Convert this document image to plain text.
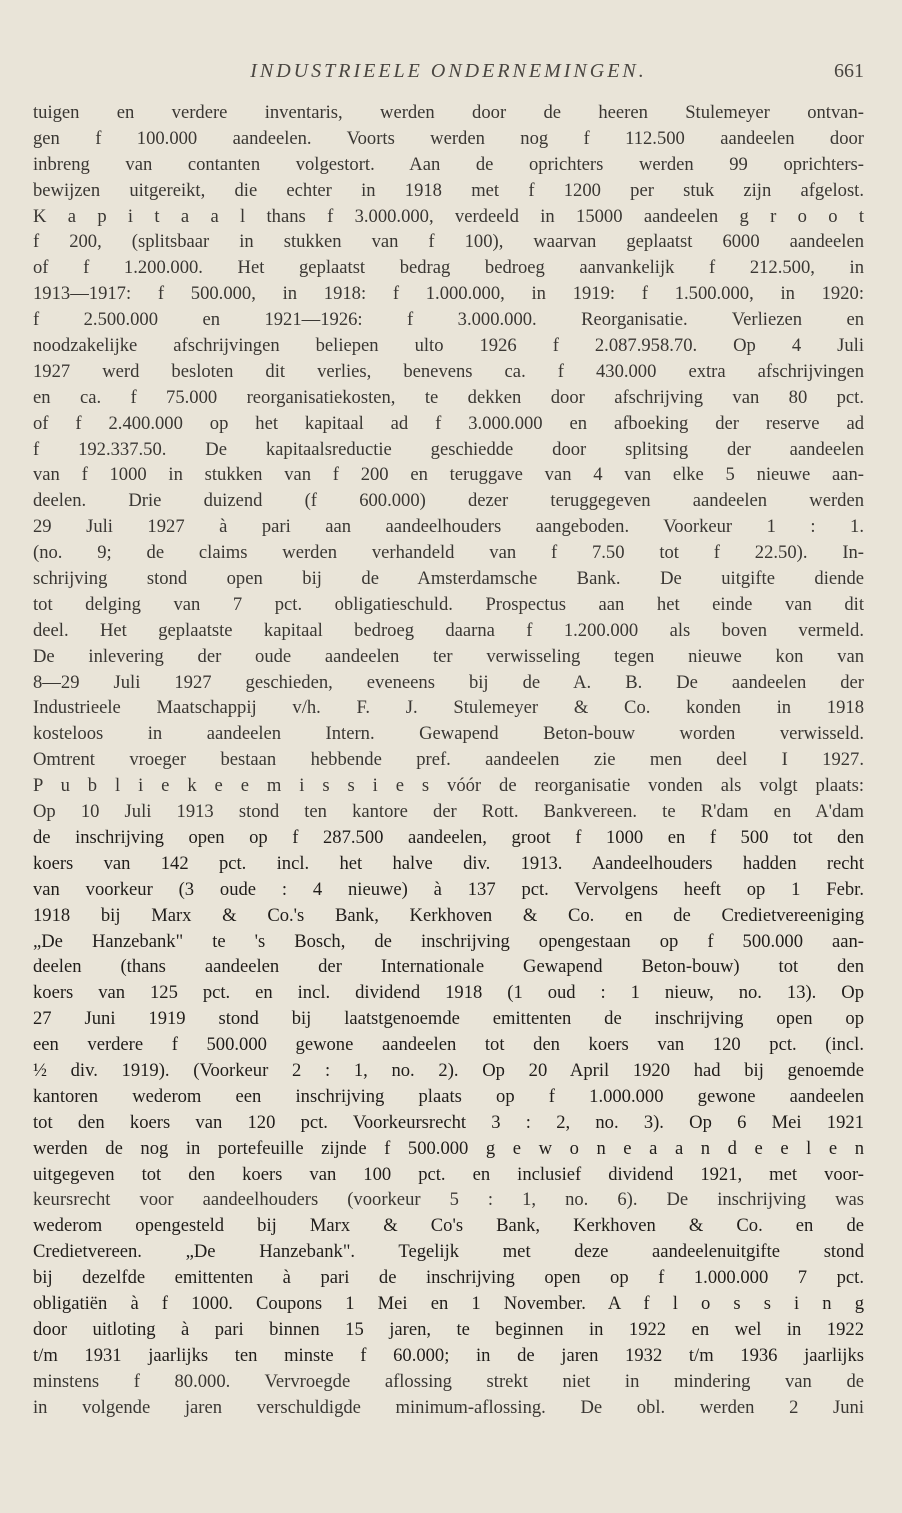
INDUSTRIEELE ONDERNEMINGEN.	661
tuigen en verdere inventaris, werden door de heeren Stulemeyer ontvan-
gen f 100.000 aandeelen. Voorts werden nog f 112.500 aandeelen door
inbreng van contanten volgestort. Aan de oprichters werden 99 oprichters-
bewijzen uitgereikt, die echter in 1918 met f 1200 per stuk zijn afgelost.
K a p i t a a l thans f 3.000.000, verdeeld in 15000 aandeelen g r o o t
f 200, (splitsbaar in stukken van f 100), waarvan geplaatst 6000 aandeelen
of f 1.200.000. Het geplaatst bedrag bedroeg aanvankelijk f 212.500, in
1913—1917: f 500.000, in 1918: f 1.000.000, in 1919: f 1.500.000, in 1920:
f 2.500.000 en 1921—1926: f 3.000.000. Reorganisatie. Verliezen en
noodzakelijke afschrijvingen beliepen ulto 1926 f 2.087.958.70. Op 4 Juli
1927 werd besloten dit verlies, benevens ca. f 430.000 extra afschrijvingen
en ca. f 75.000 reorganisatiekosten, te dekken door afschrijving van 80 pct.
of f 2.400.000 op het kapitaal ad f 3.000.000 en afboeking der reserve ad
f 192.337.50. De kapitaalsreductie geschiedde door splitsing der aandeelen
van f 1000 in stukken van f 200 en teruggave van 4 van elke 5 nieuwe aan-
deelen. Drie duizend (f 600.000) dezer teruggegeven aandeelen werden
29 Juli 1927 à pari aan aandeelhouders aangeboden. Voorkeur 1 : 1.
(no. 9; de claims werden verhandeld van f 7.50 tot f 22.50). In-
schrijving stond open bij de Amsterdamsche Bank. De uitgifte diende
tot delging van 7 pct. obligatieschuld. Prospectus aan het einde van dit
deel. Het geplaatste kapitaal bedroeg daarna f 1.200.000 als boven vermeld.
De inlevering der oude aandeelen ter verwisseling tegen nieuwe kon van
8—29 Juli 1927 geschieden, eveneens bij de A. B. De aandeelen der
Industrieele Maatschappij v/h. F. J. Stulemeyer & Co. konden in 1918
kosteloos in aandeelen Intern. Gewapend Beton-bouw worden verwisseld.
Omtrent vroeger bestaan hebbende pref. aandeelen zie men deel I 1927.
P u b l i e k e e m i s s i e s vóór de reorganisatie vonden als volgt plaats:
Op 10 Juli 1913 stond ten kantore der Rott. Bankvereen. te R'dam en A'dam
de inschrijving open op f 287.500 aandeelen, groot f 1000 en f 500 tot den
koers van 142 pct. incl. het halve div. 1913. Aandeelhouders hadden recht
van voorkeur (3 oude : 4 nieuwe) à 137 pct. Vervolgens heeft op 1 Febr.
1918 bij Marx & Co.'s Bank, Kerkhoven & Co. en de Credietvereeniging
„De Hanzebank" te 's Bosch, de inschrijving opengestaan op f 500.000 aan-
deelen (thans aandeelen der Internationale Gewapend Beton-bouw) tot den
koers van 125 pct. en incl. dividend 1918 (1 oud : 1 nieuw, no. 13). Op
27 Juni 1919 stond bij laatstgenoemde emittenten de inschrijving open op
een verdere f 500.000 gewone aandeelen tot den koers van 120 pct. (incl.
½ div. 1919). (Voorkeur 2 : 1, no. 2). Op 20 April 1920 had bij genoemde
kantoren wederom een inschrijving plaats op f 1.000.000 gewone aandeelen
tot den koers van 120 pct. Voorkeursrecht 3 : 2, no. 3). Op 6 Mei 1921
werden de nog in portefeuille zijnde f 500.000 g e w o n e a a n d e e l e n
uitgegeven tot den koers van 100 pct. en inclusief dividend 1921, met voor-
keursrecht voor aandeelhouders (voorkeur 5 : 1, no. 6). De inschrijving was
wederom opengesteld bij Marx & Co's Bank, Kerkhoven & Co. en de
Credietvereen. „De Hanzebank". Tegelijk met deze aandeelenuitgifte stond
bij dezelfde emittenten à pari de inschrijving open op f 1.000.000 7 pct.
obligatiën à f 1000. Coupons 1 Mei en 1 November. A f l o s s i n g
door uitloting à pari binnen 15 jaren, te beginnen in 1922 en wel in 1922
t/m 1931 jaarlijks ten minste f 60.000; in de jaren 1932 t/m 1936 jaarlijks
minstens f 80.000. Vervroegde aflossing strekt niet in mindering van de
in volgende jaren verschuldigde minimum-aflossing. De obl. werden 2 Juni
